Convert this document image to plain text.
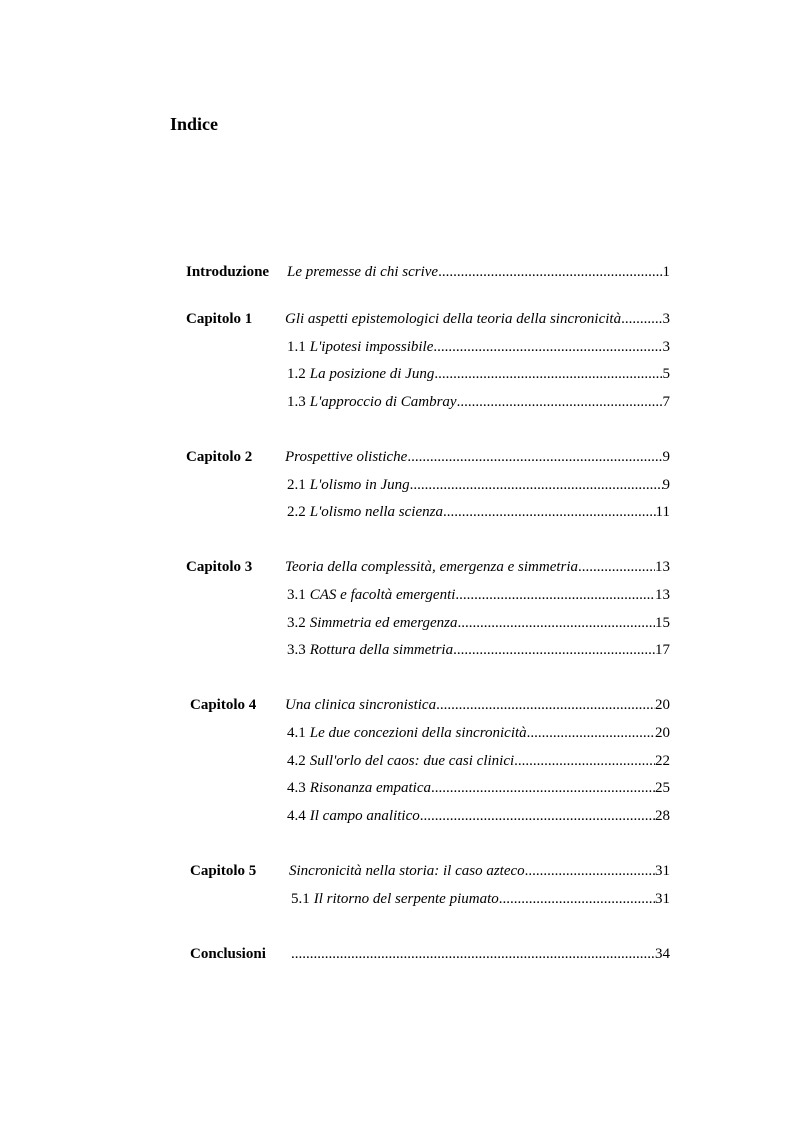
Indice
Introduzione Le premesse di chi scrive .....	1
Capitolo 1 Gli aspetti epistemologici della teoria della sincronicità .....	3
1.1 L'ipotesi impossibile .....	3
1.2 La posizione di Jung .....	5
1.3 L'approccio di Cambray .....	7
Capitolo 2 Prospettive olistiche .....	9
2.1 L'olismo in Jung .....	9
2.2 L'olismo nella scienza .....	11
Capitolo 3 Teoria della complessità, emergenza e simmetria .....	13
3.1 CAS e facoltà emergenti .....	13
3.2 Simmetria ed emergenza .....	15
3.3 Rottura della simmetria .....	17
Capitolo 4 Una clinica sincronistica .....	20
4.1 Le due concezioni della sincronicità .....	20
4.2 Sull'orlo del caos: due casi clinici .....	22
4.3 Risonanza empatica .....	25
4.4 Il campo analitico .....	28
Capitolo 5 Sincronicità nella storia: il caso azteco .....	31
5.1 Il ritorno del serpente piumato .....	31
Conclusioni .....	34
